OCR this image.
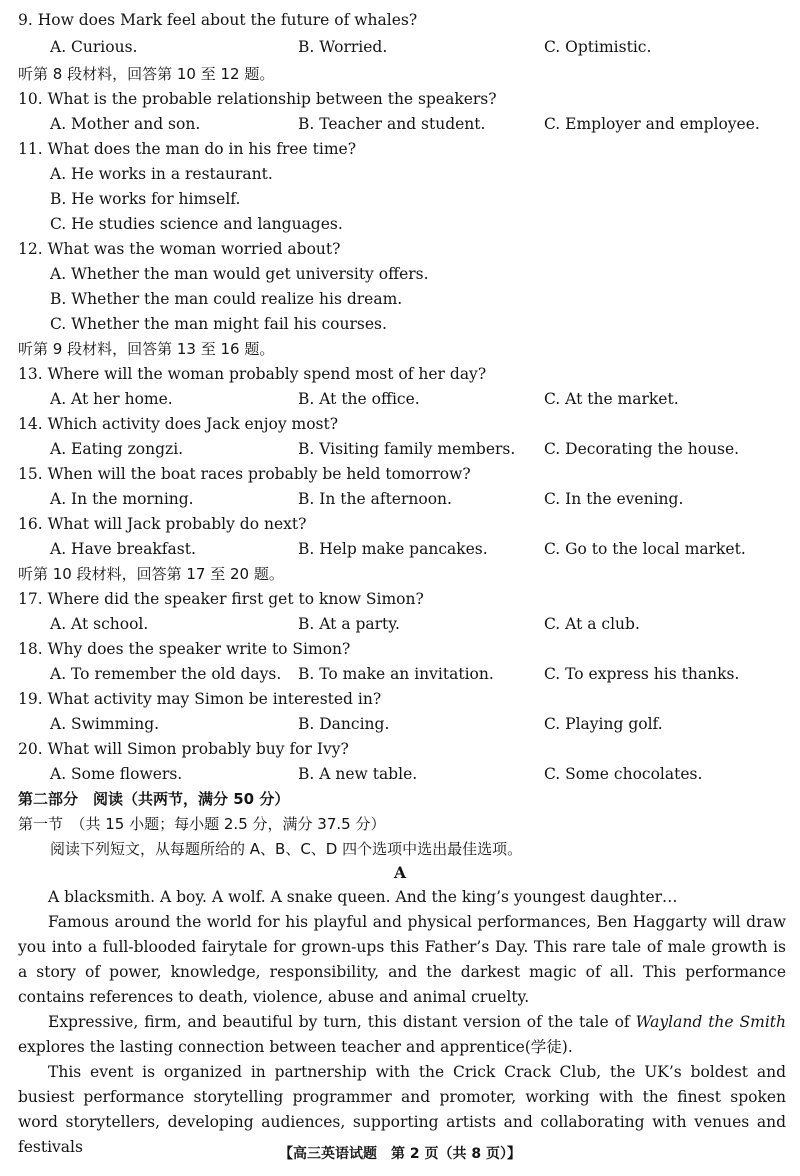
9. How does Mark feel about the future of whales?
A. Curious.	B. Worried.	C. Optimistic.
听第 8 段材料，回答第 10 至 12 题。
10. What is the probable relationship between the speakers?
A. Mother and son.	B. Teacher and student.	C. Employer and employee.
11. What does the man do in his free time?
A. He works in a restaurant.
B. He works for himself.
C. He studies science and languages.
12. What was the woman worried about?
A. Whether the man would get university offers.
B. Whether the man could realize his dream.
C. Whether the man might fail his courses.
听第 9 段材料，回答第 13 至 16 题。
13. Where will the woman probably spend most of her day?
A. At her home.	B. At the office.	C. At the market.
14. Which activity does Jack enjoy most?
A. Eating zongzi.	B. Visiting family members. C. Decorating the house.
15. When will the boat races probably be held tomorrow?
A. In the morning.	B. In the afternoon.	C. In the evening.
16. What will Jack probably do next?
A. Have breakfast.	B. Help make pancakes.	C. Go to the local market.
听第 10 段材料，回答第 17 至 20 题。
17. Where did the speaker first get to know Simon?
A. At school.	B. At a party.	C. At a club.
18. Why does the speaker write to Simon?
A. To remember the old days. B. To make an invitation.	C. To express his thanks.
19. What activity may Simon be interested in?
A. Swimming.	B. Dancing.	C. Playing golf.
20. What will Simon probably buy for Ivy?
A. Some flowers.	B. A new table.	C. Some chocolates.
第二部分　阅读（共两节，满分 50 分）
第一节　（共 15 小题；每小题 2.5 分，满分 37.5 分）
阅读下列短文，从每题所给的 A、B、C、D 四个选项中选出最佳选项。
A
A blacksmith. A boy. A wolf. A snake queen. And the king’s youngest daughter…
Famous around the world for his playful and physical performances, Ben Haggarty will draw you into a full-blooded fairytale for grown-ups this Father’s Day. This rare tale of male growth is a story of power, knowledge, responsibility, and the darkest magic of all. This performance contains references to death, violence, abuse and animal cruelty.
Expressive, firm, and beautiful by turn, this distant version of the tale of Wayland the Smith explores the lasting connection between teacher and apprentice(学徒).
This event is organized in partnership with the Crick Crack Club, the UK’s boldest and busiest performance storytelling programmer and promoter, working with the finest spoken word storytellers, developing audiences, supporting artists and collaborating with venues and festivals	【高三英语试题　第 2 页（共 8 页）】
